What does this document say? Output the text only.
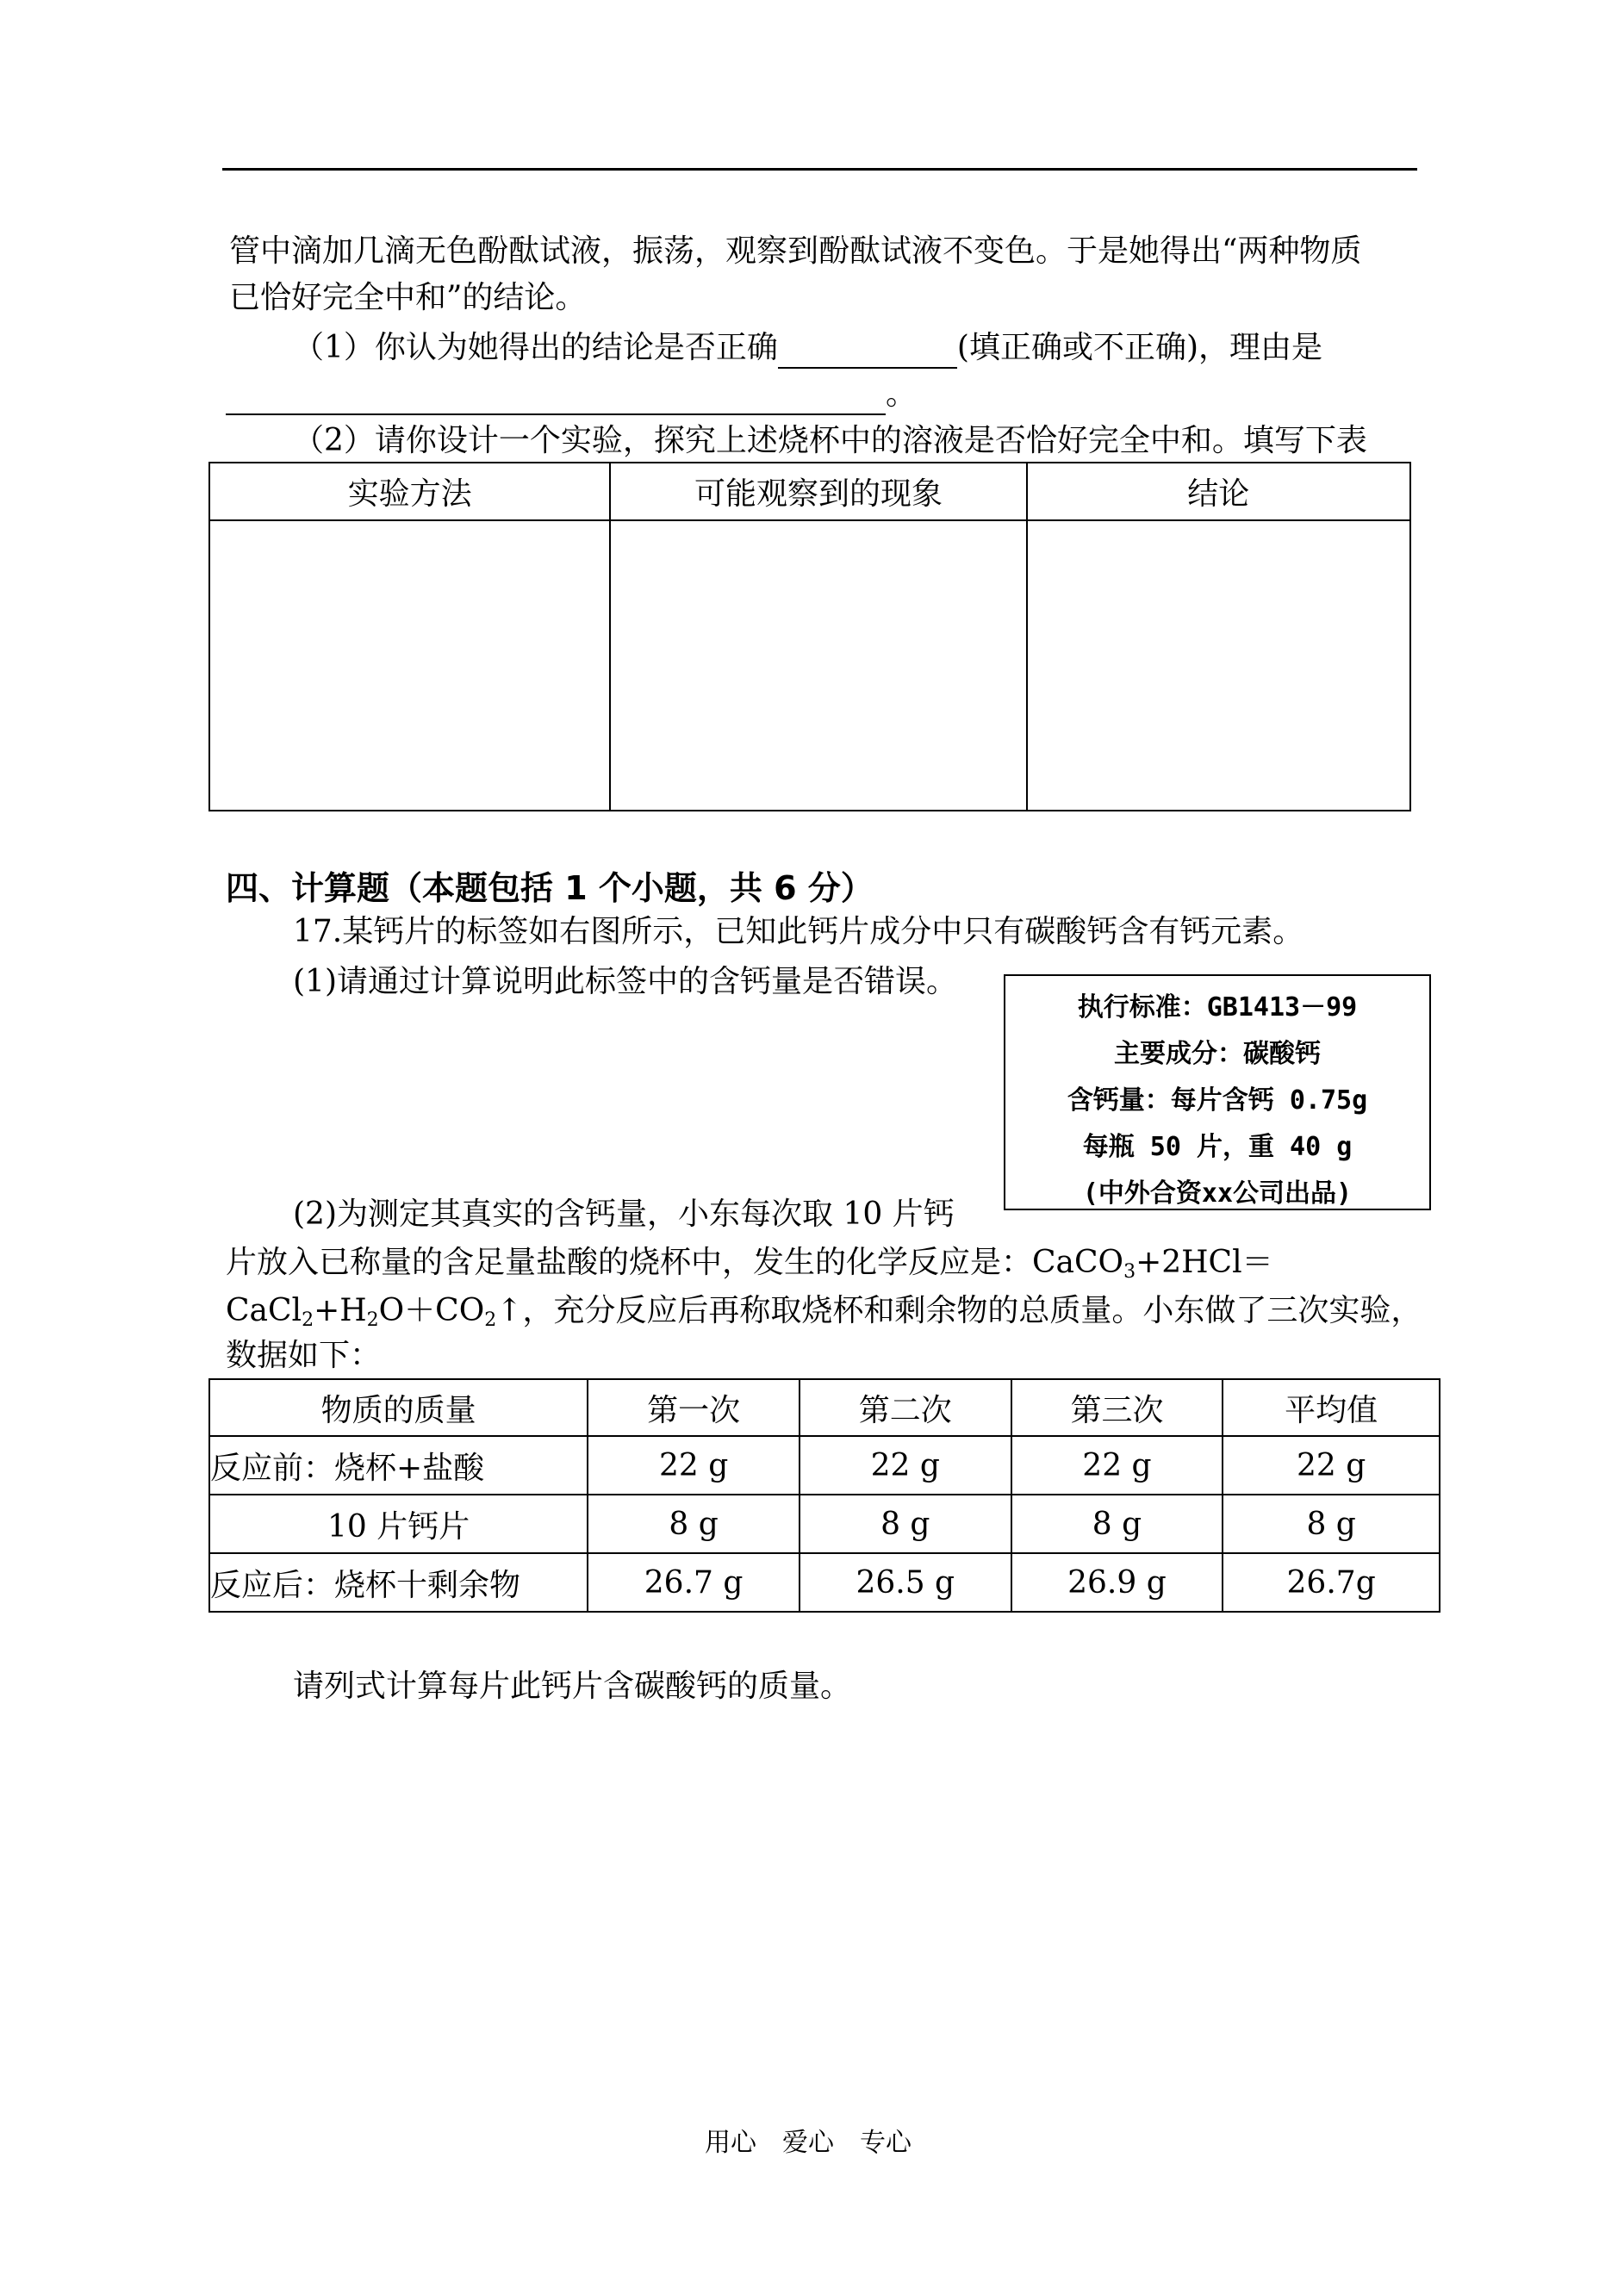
管中滴加几滴无色酚酞试液，振荡，观察到酚酞试液不变色。于是她得出“两种物质
已恰好完全中和”的结论。
（1）你认为她得出的结论是否正确	(填正确或不正确)，理由是
。
（2）请你设计一个实验，探究上述烧杯中的溶液是否恰好完全中和。填写下表
实验方法	可能观察到的现象	结论

四、计算题（本题包括 1 个小题，共 6 分）
17.某钙片的标签如右图所示，已知此钙片成分中只有碳酸钙含有钙元素。
(1)请通过计算说明此标签中的含钙量是否错误。
执行标准：GB1413－99
主要成分：碳酸钙
含钙量：每片含钙 0.75g
每瓶 50 片，重 40 g
(中外合资xx公司出品)
(2)为测定其真实的含钙量，小东每次取 10 片钙
片放入已称量的含足量盐酸的烧杯中，发生的化学反应是：CaCO$_3$+2HCl＝
$CaCl_2+H_2O+CO_2↑$，充分反应后再称取烧杯和剩余物的总质量。小东做了三次实验，
数据如下：
物质的质量	第一次	第二次	第三次	平均值
反应前：烧杯+盐酸	22 g	22 g	22 g	22 g
10 片钙片	8 g	8 g	8 g	8 g
反应后：烧杯十剩余物	26.7 g	26.5 g	26.9 g	26.7g
请列式计算每片此钙片含碳酸钙的质量。
用心　爱心　专心
